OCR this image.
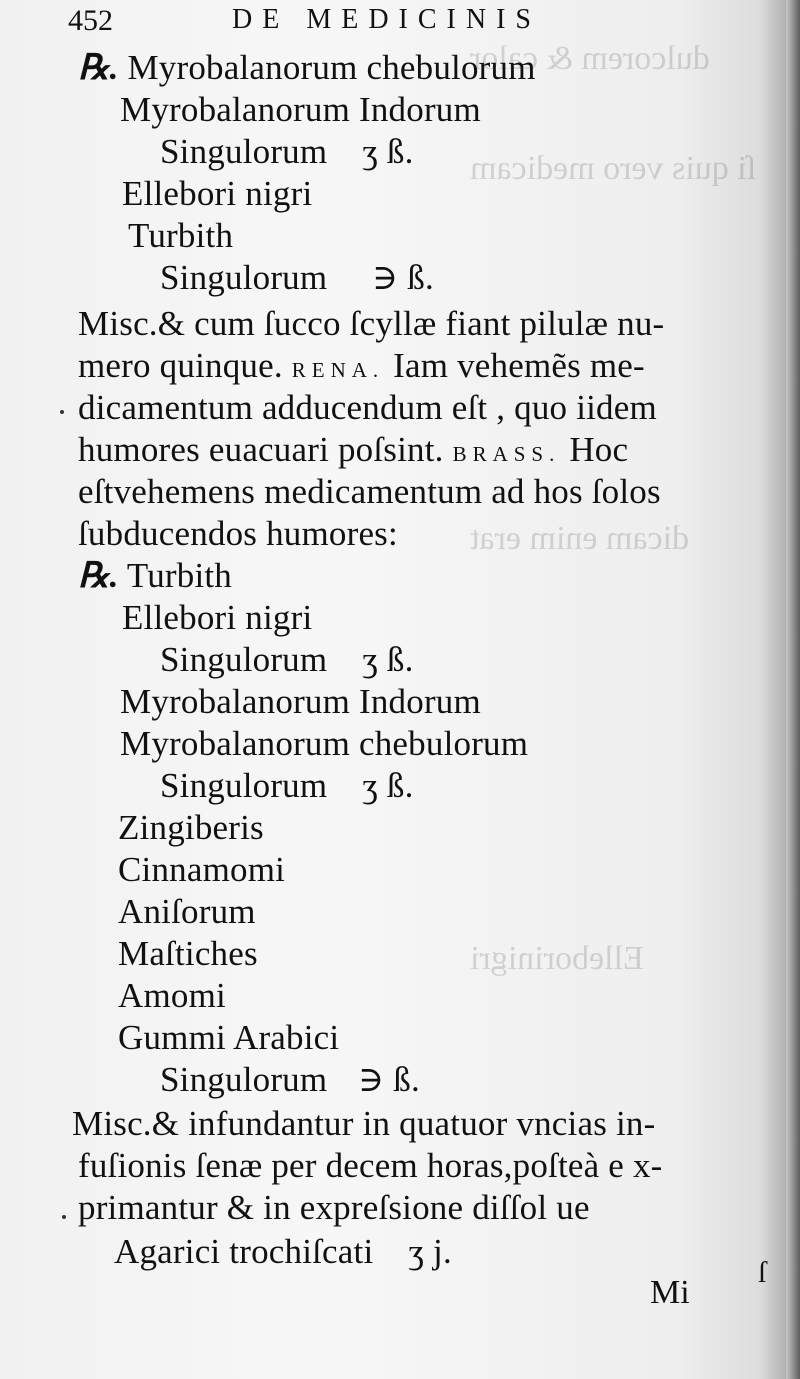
dulcorem & calor
ſi quis vero medicam
dicam enim erat
Elleborinigri
452	DE MEDICINIS
℞. Myrobalanorum chebulorum
Myrobalanorum Indorum
Singulorum ʒ ß.
Ellebori nigri
Turbith
Singulorum ∋ ß.
Misc.& cum ſucco ſcyllæ fiant pilulæ nu-
mero quinque. RENA. Iam vehemẽs me-
dicamentum adducendum eſt , quo iidem
humores euacuari poſsint. BRASS. Hoc
eſtvehemens medicamentum ad hos ſolos
ſubducendos humores:
℞. Turbith
Ellebori nigri
Singulorum ʒ ß.
Myrobalanorum Indorum
Myrobalanorum chebulorum
Singulorum ʒ ß.
Zingiberis
Cinnamomi
Aniſorum
Maſtiches
Amomi
Gummi Arabici
Singulorum ∋ ß.
Misc.& infundantur in quatuor vncias in-
fuſionis ſenæ per decem horas,poſteà e x-
primantur & in expreſsione diſſol ue
Agarici trochiſcati ʒ j.
Mi
ſ
